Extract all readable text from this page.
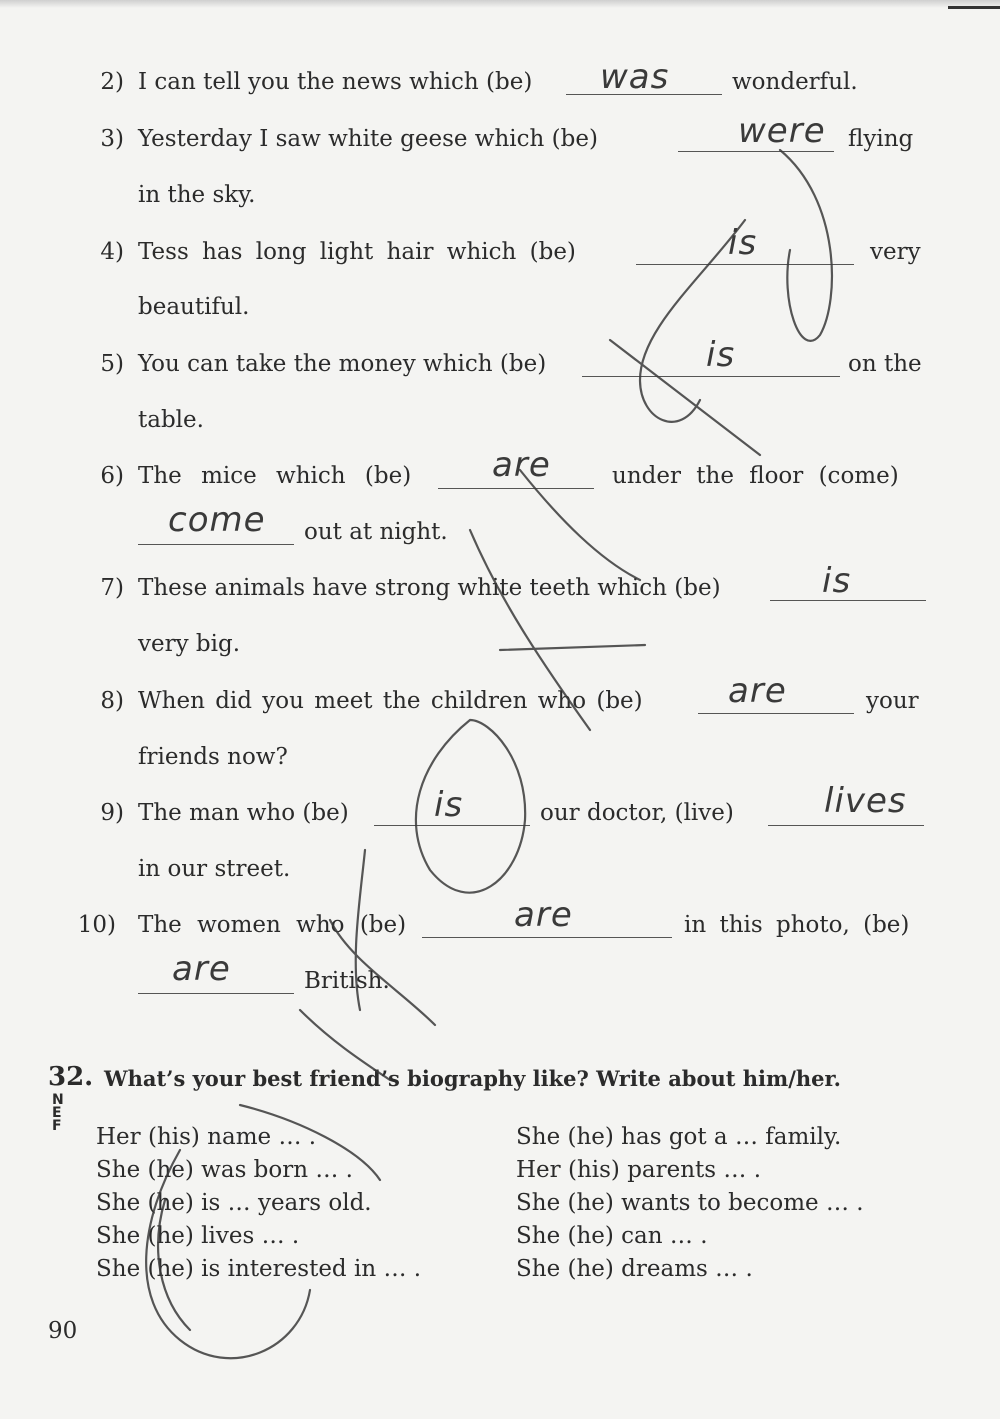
2) I can tell you the news which (be) was	wonderful.
3) Yesterday I saw white geese which (be)	were flying
in the sky.
4) Tess has long light hair which (be)	is	very
beautiful.
5) You can take the money which (be)	is	on the
table.
6) The mice which (be) are	under the floor (come)
come out at night.
7) These animals have strong white teeth which (be)	is
very big.
8) When did you meet the children who (be)	are	your
friends now?
9) The man who (be)	is	our doctor, (live)	lives
in our street.
10) The women who (be)	are	in this photo, (be)
are	British.
32. What’s your best friend’s biography like? Write about him/her.
NEF Her (his) name … .
She (he) was born … .
She (he) is … years old.
She (he) lives … .
She (he) is interested in … .
She (he) has got a … family.
Her (his) parents … .
She (he) wants to become … .
She (he) can … .
She (he) dreams … .
90
